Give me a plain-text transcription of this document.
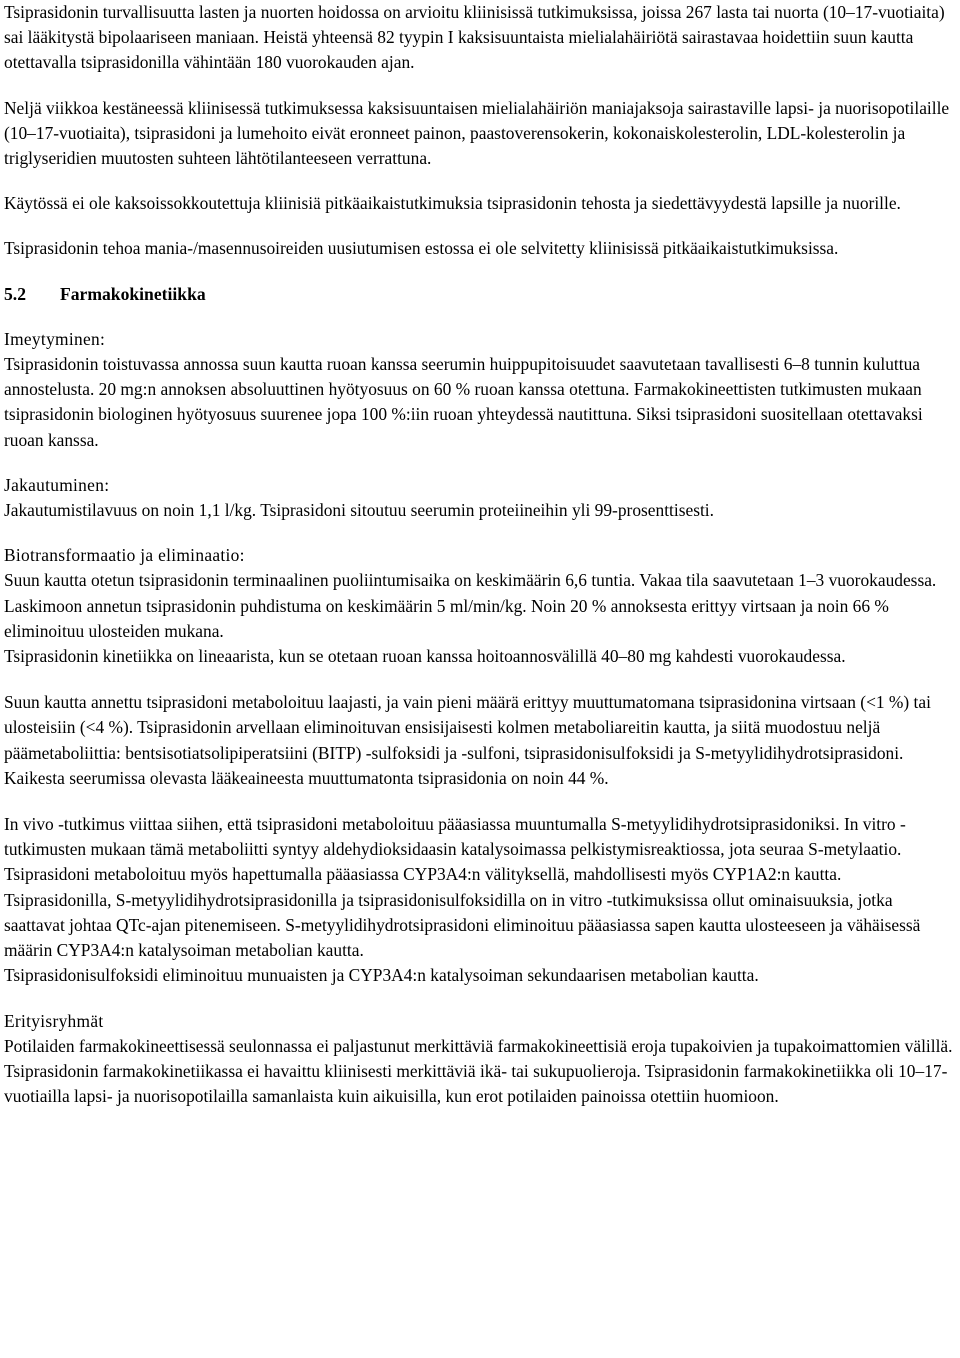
Tsiprasidonin turvallisuutta lasten ja nuorten hoidossa on arvioitu kliinisissä tutkimuksissa, joissa 267 lasta tai nuorta (10–17-vuotiaita) sai lääkitystä bipolaariseen maniaan. Heistä yhteensä 82 tyypin I kaksisuuntaista mielialahäiriötä sairastavaa hoidettiin suun kautta otettavalla tsiprasidonilla vähintään 180 vuorokauden ajan.

Neljä viikkoa kestäneessä kliinisessä tutkimuksessa kaksisuuntaisen mielialahäiriön maniajaksoja sairastaville lapsi- ja nuorisopotilaille (10–17-vuotiaita), tsiprasidoni ja lumehoito eivät eronneet painon, paastoverensokerin, kokonaiskolesterolin, LDL-kolesterolin ja triglyseridien muutosten suhteen lähtötilanteeseen verrattuna.

Käytössä ei ole kaksoissokkoutettuja kliinisiä pitkäaikaistutkimuksia tsiprasidonin tehosta ja siedettävyydestä lapsille ja nuorille.

Tsiprasidonin tehoa mania-/masennusoireiden uusiutumisen estossa ei ole selvitetty kliinisissä pitkäaikaistutkimuksissa.

5.2 Farmakokinetiikka

Imeytyminen:

Tsiprasidonin toistuvassa annossa suun kautta ruoan kanssa seerumin huippupitoisuudet saavutetaan tavallisesti 6–8 tunnin kuluttua annostelusta. 20 mg:n annoksen absoluuttinen hyötyosuus on 60 % ruoan kanssa otettuna. Farmakokineettisten tutkimusten mukaan tsiprasidonin biologinen hyötyosuus suurenee jopa 100 %:iin ruoan yhteydessä nautittuna. Siksi tsiprasidoni suositellaan otettavaksi ruoan kanssa.

Jakautuminen:

Jakautumistilavuus on noin 1,1 l/kg. Tsiprasidoni sitoutuu seerumin proteiineihin yli 99-prosenttisesti.

Biotransformaatio ja eliminaatio:

Suun kautta otetun tsiprasidonin terminaalinen puoliintumisaika on keskimäärin 6,6 tuntia. Vakaa tila saavutetaan 1–3 vuorokaudessa. Laskimoon annetun tsiprasidonin puhdistuma on keskimäärin 5 ml/min/kg. Noin 20 % annoksesta erittyy virtsaan ja noin 66 % eliminoituu ulosteiden mukana.

Tsiprasidonin kinetiikka on lineaarista, kun se otetaan ruoan kanssa hoitoannosvälillä 40–80 mg kahdesti vuorokaudessa.

Suun kautta annettu tsiprasidoni metaboloituu laajasti, ja vain pieni määrä erittyy muuttumatomana tsiprasidonina virtsaan (<1 %) tai ulosteisiin (<4 %). Tsiprasidonin arvellaan eliminoituvan ensisijaisesti kolmen metaboliareitin kautta, ja siitä muodostuu neljä päämetaboliittia: bentsisotiatsolipiperatsiini (BITP) -sulfoksidi ja -sulfoni, tsiprasidonisulfoksidi ja S-metyylidihydrotsiprasidoni. Kaikesta seerumissa olevasta lääkeaineesta muuttumatonta tsiprasidonia on noin 44 %.

In vivo -tutkimus viittaa siihen, että tsiprasidoni metaboloituu pääasiassa muuntumalla S-metyylidihydrotsiprasidoniksi. In vitro -tutkimusten mukaan tämä metaboliitti syntyy aldehydioksidaasin katalysoimassa pelkistymisreaktiossa, jota seuraa S-metylaatio. Tsiprasidoni metaboloituu myös hapettumalla pääasiassa CYP3A4:n välityksellä, mahdollisesti myös CYP1A2:n kautta.

Tsiprasidonilla, S-metyylidihydrotsiprasidonilla ja tsiprasidonisulfoksidilla on in vitro -tutkimuksissa ollut ominaisuuksia, jotka saattavat johtaa QTc-ajan pitenemiseen. S-metyylidihydrotsiprasidoni eliminoituu pääasiassa sapen kautta ulosteeseen ja vähäisessä määrin CYP3A4:n katalysoiman metabolian kautta.

Tsiprasidonisulfoksidi eliminoituu munuaisten ja CYP3A4:n katalysoiman sekundaarisen metabolian kautta.

Erityisryhmät

Potilaiden farmakokineettisessä seulonnassa ei paljastunut merkittäviä farmakokineettisiä eroja tupakoivien ja tupakoimattomien välillä.

Tsiprasidonin farmakokinetiikassa ei havaittu kliinisesti merkittäviä ikä- tai sukupuolieroja. Tsiprasidonin farmakokinetiikka oli 10–17-vuotiailla lapsi- ja nuorisopotilailla samanlaista kuin aikuisilla, kun erot potilaiden painoissa otettiin huomioon.
